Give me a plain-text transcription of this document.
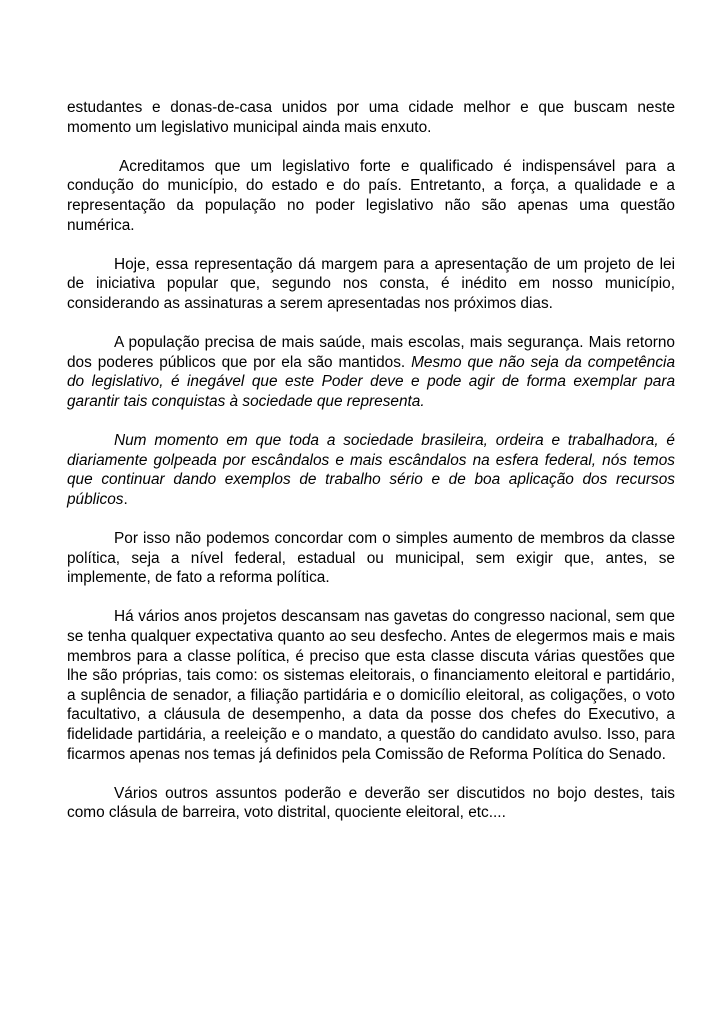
estudantes e donas-de-casa unidos por uma cidade melhor e que buscam neste momento um legislativo municipal ainda mais enxuto.

Acreditamos que um legislativo forte e qualificado é indispensável para a condução do município, do estado e do país. Entretanto, a força, a qualidade e a representação da população no poder legislativo não são apenas uma questão numérica.

Hoje, essa representação dá margem para a apresentação de um projeto de lei de iniciativa popular que, segundo nos consta, é inédito em nosso município, considerando as assinaturas a serem apresentadas nos próximos dias.

A população precisa de mais saúde, mais escolas, mais segurança. Mais retorno dos poderes públicos que por ela são mantidos. Mesmo que não seja da competência do legislativo, é inegável que este Poder deve e pode agir de forma exemplar para garantir tais conquistas à sociedade que representa.

Num momento em que toda a sociedade brasileira, ordeira e trabalhadora, é diariamente golpeada por escândalos e mais escândalos na esfera federal, nós temos que continuar dando exemplos de trabalho sério e de boa aplicação dos recursos públicos.

Por isso não podemos concordar com o simples aumento de membros da classe política, seja a nível federal, estadual ou municipal, sem exigir que, antes, se implemente, de fato a reforma política.

Há vários anos projetos descansam nas gavetas do congresso nacional, sem que se tenha qualquer expectativa quanto ao seu desfecho. Antes de elegermos mais e mais membros para a classe política, é preciso que esta classe discuta várias questões que lhe são próprias, tais como: os sistemas eleitorais, o financiamento eleitoral e partidário, a suplência de senador, a filiação partidária e o domicílio eleitoral, as coligações, o voto facultativo, a cláusula de desempenho, a data da posse dos chefes do Executivo, a fidelidade partidária, a reeleição e o mandato, a questão do candidato avulso. Isso, para ficarmos apenas nos temas já definidos pela Comissão de Reforma Política do Senado.

Vários outros assuntos poderão e deverão ser discutidos no bojo destes, tais como clásula de barreira, voto distrital, quociente eleitoral, etc....
